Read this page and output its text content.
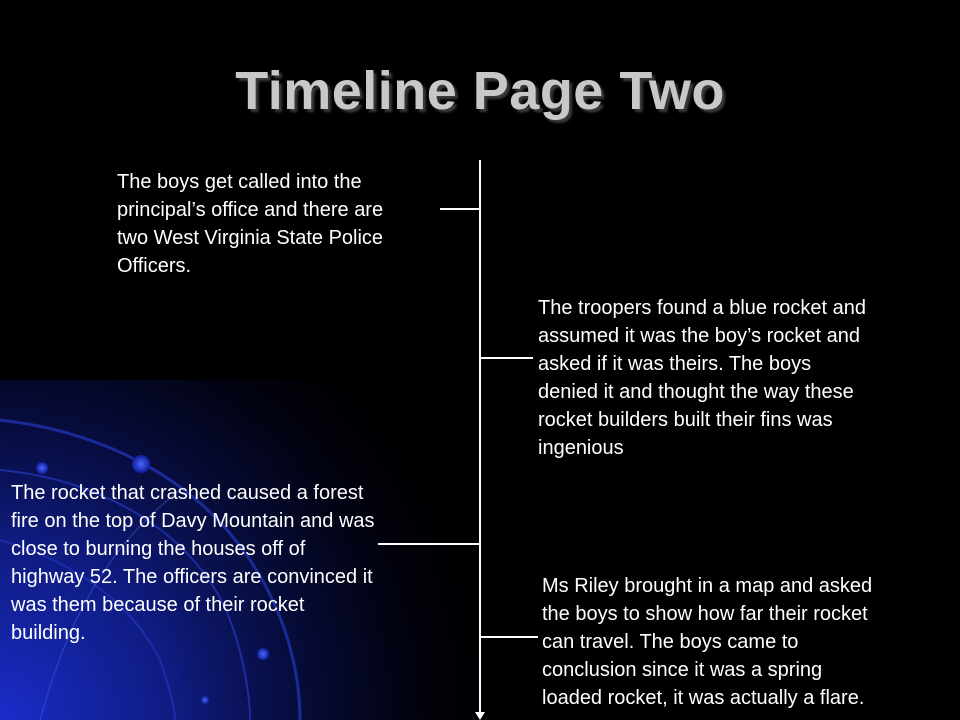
Timeline Page Two
The boys get called into the
principal’s office and there are
two West Virginia State Police
Officers.
The troopers found a blue rocket and
assumed it was the boy’s rocket and
asked if it was theirs. The boys
denied it and thought the way these
rocket builders built their fins was
ingenious
The rocket that crashed caused a forest
fire on the top of Davy Mountain and was
close to burning the houses off of
highway 52. The officers are convinced it
was them because of their rocket
building.
Ms Riley brought in a map and asked
the boys to show how far their rocket
can travel. The boys came to
conclusion since it was a spring
loaded rocket, it was actually a flare.
